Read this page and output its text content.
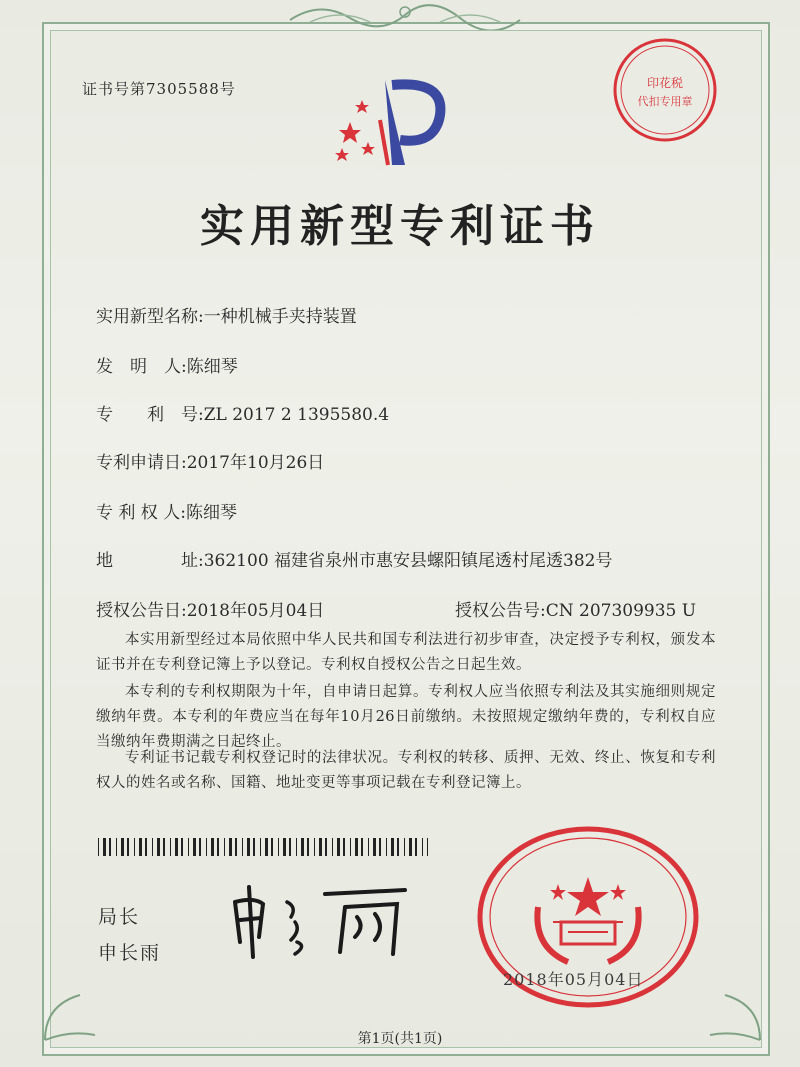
证书号第7305588号	印花税
代扣专用章
实用新型专利证书
实用新型名称:一种机械手夹持装置
发　明　人:陈细琴
专　　利　号:ZL 2017 2 1395580.4
专利申请日:2017年10月26日
专 利 权 人:陈细琴
地　　　　址:362100 福建省泉州市惠安县螺阳镇尾透村尾透382号
授权公告日:2018年05月04日	授权公告号:CN 207309935 U
本实用新型经过本局依照中华人民共和国专利法进行初步审查，决定授予专利权，颁发本证书并在专利登记簿上予以登记。专利权自授权公告之日起生效。
本专利的专利权期限为十年，自申请日起算。专利权人应当依照专利法及其实施细则规定缴纳年费。本专利的年费应当在每年10月26日前缴纳。未按照规定缴纳年费的，专利权自应当缴纳年费期满之日起终止。
专利证书记载专利权登记时的法律状况。专利权的转移、质押、无效、终止、恢复和专利权人的姓名或名称、国籍、地址变更等事项记载在专利登记簿上。
局长
申长雨
2018年05月04日
第1页(共1页)
